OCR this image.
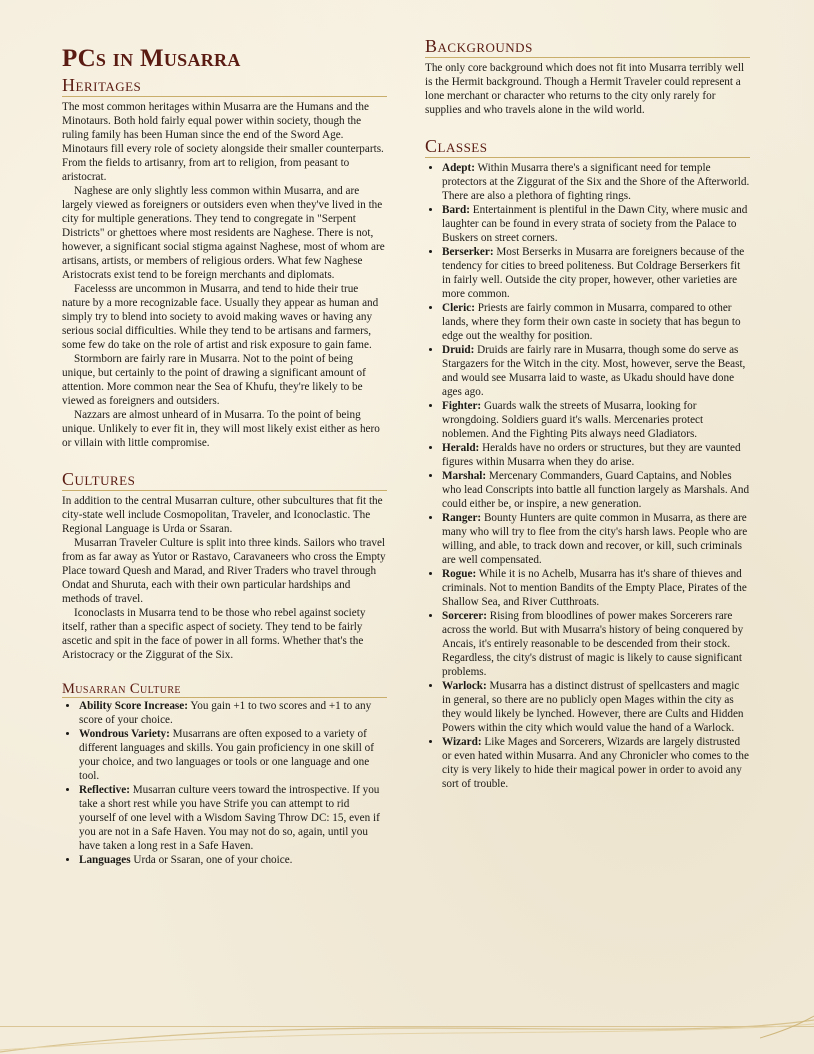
PCs in Musarra
Heritages

The most common heritages within Musarra are the Humans and the Minotaurs. Both hold fairly equal power within society, though the ruling family has been Human since the end of the Sword Age. Minotaurs fill every role of society alongside their smaller counterparts. From the fields to artisanry, from art to religion, from peasant to aristocrat.

Naghese are only slightly less common within Musarra, and are largely viewed as foreigners or outsiders even when they've lived in the city for multiple generations. They tend to congregate in "Serpent Districts" or ghettoes where most residents are Naghese. There is not, however, a significant social stigma against Naghese, most of whom are artisans, artists, or members of religious orders. What few Naghese Aristocrats exist tend to be foreign merchants and diplomats.

Facelesss are uncommon in Musarra, and tend to hide their true nature by a more recognizable face. Usually they appear as human and simply try to blend into society to avoid making waves or having any serious social difficulties. While they tend to be artisans and farmers, some few do take on the role of artist and risk exposure to gain fame.

Stormborn are fairly rare in Musarra. Not to the point of being unique, but certainly to the point of drawing a significant amount of attention. More common near the Sea of Khufu, they're likely to be viewed as foreigners and outsiders.

Nazzars are almost unheard of in Musarra. To the point of being unique. Unlikely to ever fit in, they will most likely exist either as hero or villain with little compromise.

Cultures

In addition to the central Musarran culture, other subcultures that fit the city-state well include Cosmopolitan, Traveler, and Iconoclastic. The Regional Language is Urda or Ssaran.

Musarran Traveler Culture is split into three kinds. Sailors who travel from as far away as Yutor or Rastavo, Caravaneers who cross the Empty Place toward Quesh and Marad, and River Traders who travel through Ondat and Shuruta, each with their own particular hardships and methods of travel.

Iconoclasts in Musarra tend to be those who rebel against society itself, rather than a specific aspect of society. They tend to be fairly ascetic and spit in the face of power in all forms. Whether that's the Aristocracy or the Ziggurat of the Six.

Musarran Culture
• Ability Score Increase: You gain +1 to two scores and +1 to any score of your choice.
• Wondrous Variety: Musarrans are often exposed to a variety of different languages and skills. You gain proficiency in one skill of your choice, and two languages or tools or one language and one tool.
• Reflective: Musarran culture veers toward the introspective. If you take a short rest while you have Strife you can attempt to rid yourself of one level with a Wisdom Saving Throw DC: 15, even if you are not in a Safe Haven. You may not do so, again, until you have taken a long rest in a Safe Haven.
• Languages Urda or Ssaran, one of your choice.
Backgrounds

The only core background which does not fit into Musarra terribly well is the Hermit background. Though a Hermit Traveler could represent a lone merchant or character who returns to the city only rarely for supplies and who travels alone in the wild world.

Classes
• Adept: Within Musarra there's a significant need for temple protectors at the Ziggurat of the Six and the Shore of the Afterworld. There are also a plethora of fighting rings.
• Bard: Entertainment is plentiful in the Dawn City, where music and laughter can be found in every strata of society from the Palace to Buskers on street corners.
• Berserker: Most Berserks in Musarra are foreigners because of the tendency for cities to breed politeness. But Coldrage Berserkers fit in fairly well. Outside the city proper, however, other varieties are more common.
• Cleric: Priests are fairly common in Musarra, compared to other lands, where they form their own caste in society that has begun to edge out the wealthy for position.
• Druid: Druids are fairly rare in Musarra, though some do serve as Stargazers for the Witch in the city. Most, however, serve the Beast, and would see Musarra laid to waste, as Ukadu should have done ages ago.
• Fighter: Guards walk the streets of Musarra, looking for wrongdoing. Soldiers guard it's walls. Mercenaries protect noblemen. And the Fighting Pits always need Gladiators.
• Herald: Heralds have no orders or structures, but they are vaunted figures within Musarra when they do arise.
• Marshal: Mercenary Commanders, Guard Captains, and Nobles who lead Conscripts into battle all function largely as Marshals. And could either be, or inspire, a new generation.
• Ranger: Bounty Hunters are quite common in Musarra, as there are many who will try to flee from the city's harsh laws. People who are willing, and able, to track down and recover, or kill, such criminals are well compensated.
• Rogue: While it is no Achelb, Musarra has it's share of thieves and criminals. Not to mention Bandits of the Empty Place, Pirates of the Shallow Sea, and River Cutthroats.
• Sorcerer: Rising from bloodlines of power makes Sorcerers rare across the world. But with Musarra's history of being conquered by Ancais, it's entirely reasonable to be descended from their stock. Regardless, the city's distrust of magic is likely to cause significant problems.
• Warlock: Musarra has a distinct distrust of spellcasters and magic in general, so there are no publicly open Mages within the city as they would likely be lynched. However, there are Cults and Hidden Powers within the city which would value the hand of a Warlock.
• Wizard: Like Mages and Sorcerers, Wizards are largely distrusted or even hated within Musarra. And any Chronicler who comes to the city is very likely to hide their magical power in order to avoid any sort of trouble.
